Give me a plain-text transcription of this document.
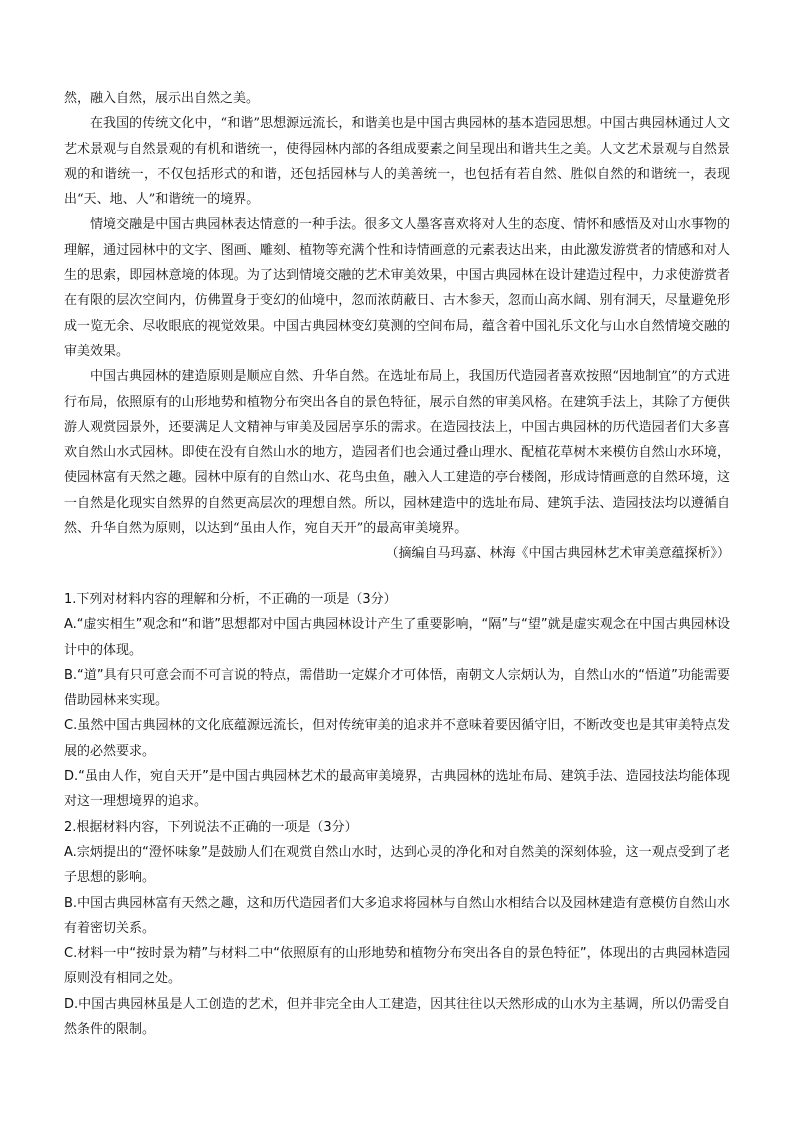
然，融入自然，展示出自然之美。

在我国的传统文化中，“和谐”思想源远流长，和谐美也是中国古典园林的基本造园思想。中国古典园林通过人文艺术景观与自然景观的有机和谐统一，使得园林内部的各组成要素之间呈现出和谐共生之美。人文艺术景观与自然景观的和谐统一，不仅包括形式的和谐，还包括园林与人的美善统一，也包括有若自然、胜似自然的和谐统一，表现出“天、地、人”和谐统一的境界。

情境交融是中国古典园林表达情意的一种手法。很多文人墨客喜欢将对人生的态度、情怀和感悟及对山水事物的理解，通过园林中的文字、图画、雕刻、植物等充满个性和诗情画意的元素表达出来，由此激发游赏者的情感和对人生的思索，即园林意境的体现。为了达到情境交融的艺术审美效果，中国古典园林在设计建造过程中，力求使游赏者在有限的层次空间内，仿佛置身于变幻的仙境中，忽而浓荫蔽日、古木参天，忽而山高水阔、别有洞天，尽量避免形成一览无余、尽收眼底的视觉效果。中国古典园林变幻莫测的空间布局，蕴含着中国礼乐文化与山水自然情境交融的审美效果。

中国古典园林的建造原则是顺应自然、升华自然。在选址布局上，我国历代造园者喜欢按照“因地制宜”的方式进行布局，依照原有的山形地势和植物分布突出各自的景色特征，展示自然的审美风格。在建筑手法上，其除了方便供游人观赏园景外，还要满足人文精神与审美及园居享乐的需求。在造园技法上，中国古典园林的历代造园者们大多喜欢自然山水式园林。即使在没有自然山水的地方，造园者们也会通过叠山理水、配植花草树木来模仿自然山水环境，使园林富有天然之趣。园林中原有的自然山水、花鸟虫鱼，融入人工建造的亭台楼阁，形成诗情画意的自然环境，这一自然是化现实自然界的自然更高层次的理想自然。所以，园林建造中的选址布局、建筑手法、造园技法均以遵循自然、升华自然为原则，以达到“虽由人作，宛自天开”的最高审美境界。

（摘编自马玛嘉、林海《中国古典园林艺术审美意蕴探析》）

1.下列对材料内容的理解和分析，不正确的一项是（3分）

A.“虚实相生”观念和“和谐”思想都对中国古典园林设计产生了重要影响，“隔”与“望”就是虚实观念在中国古典园林设计中的体现。

B.“道”具有只可意会而不可言说的特点，需借助一定媒介才可体悟，南朝文人宗炳认为，自然山水的“悟道”功能需要借助园林来实现。

C.虽然中国古典园林的文化底蕴源远流长，但对传统审美的追求并不意味着要因循守旧，不断改变也是其审美特点发展的必然要求。

D.“虽由人作，宛自天开”是中国古典园林艺术的最高审美境界，古典园林的选址布局、建筑手法、造园技法均能体现对这一理想境界的追求。

2.根据材料内容，下列说法不正确的一项是（3分）

A.宗炳提出的“澄怀味象”是鼓励人们在观赏自然山水时，达到心灵的净化和对自然美的深刻体验，这一观点受到了老子思想的影响。

B.中国古典园林富有天然之趣，这和历代造园者们大多追求将园林与自然山水相结合以及园林建造有意模仿自然山水有着密切关系。

C.材料一中“按时景为精”与材料二中“依照原有的山形地势和植物分布突出各自的景色特征”，体现出的古典园林造园原则没有相同之处。

D.中国古典园林虽是人工创造的艺术，但并非完全由人工建造，因其往往以天然形成的山水为主基调，所以仍需受自然条件的限制。
